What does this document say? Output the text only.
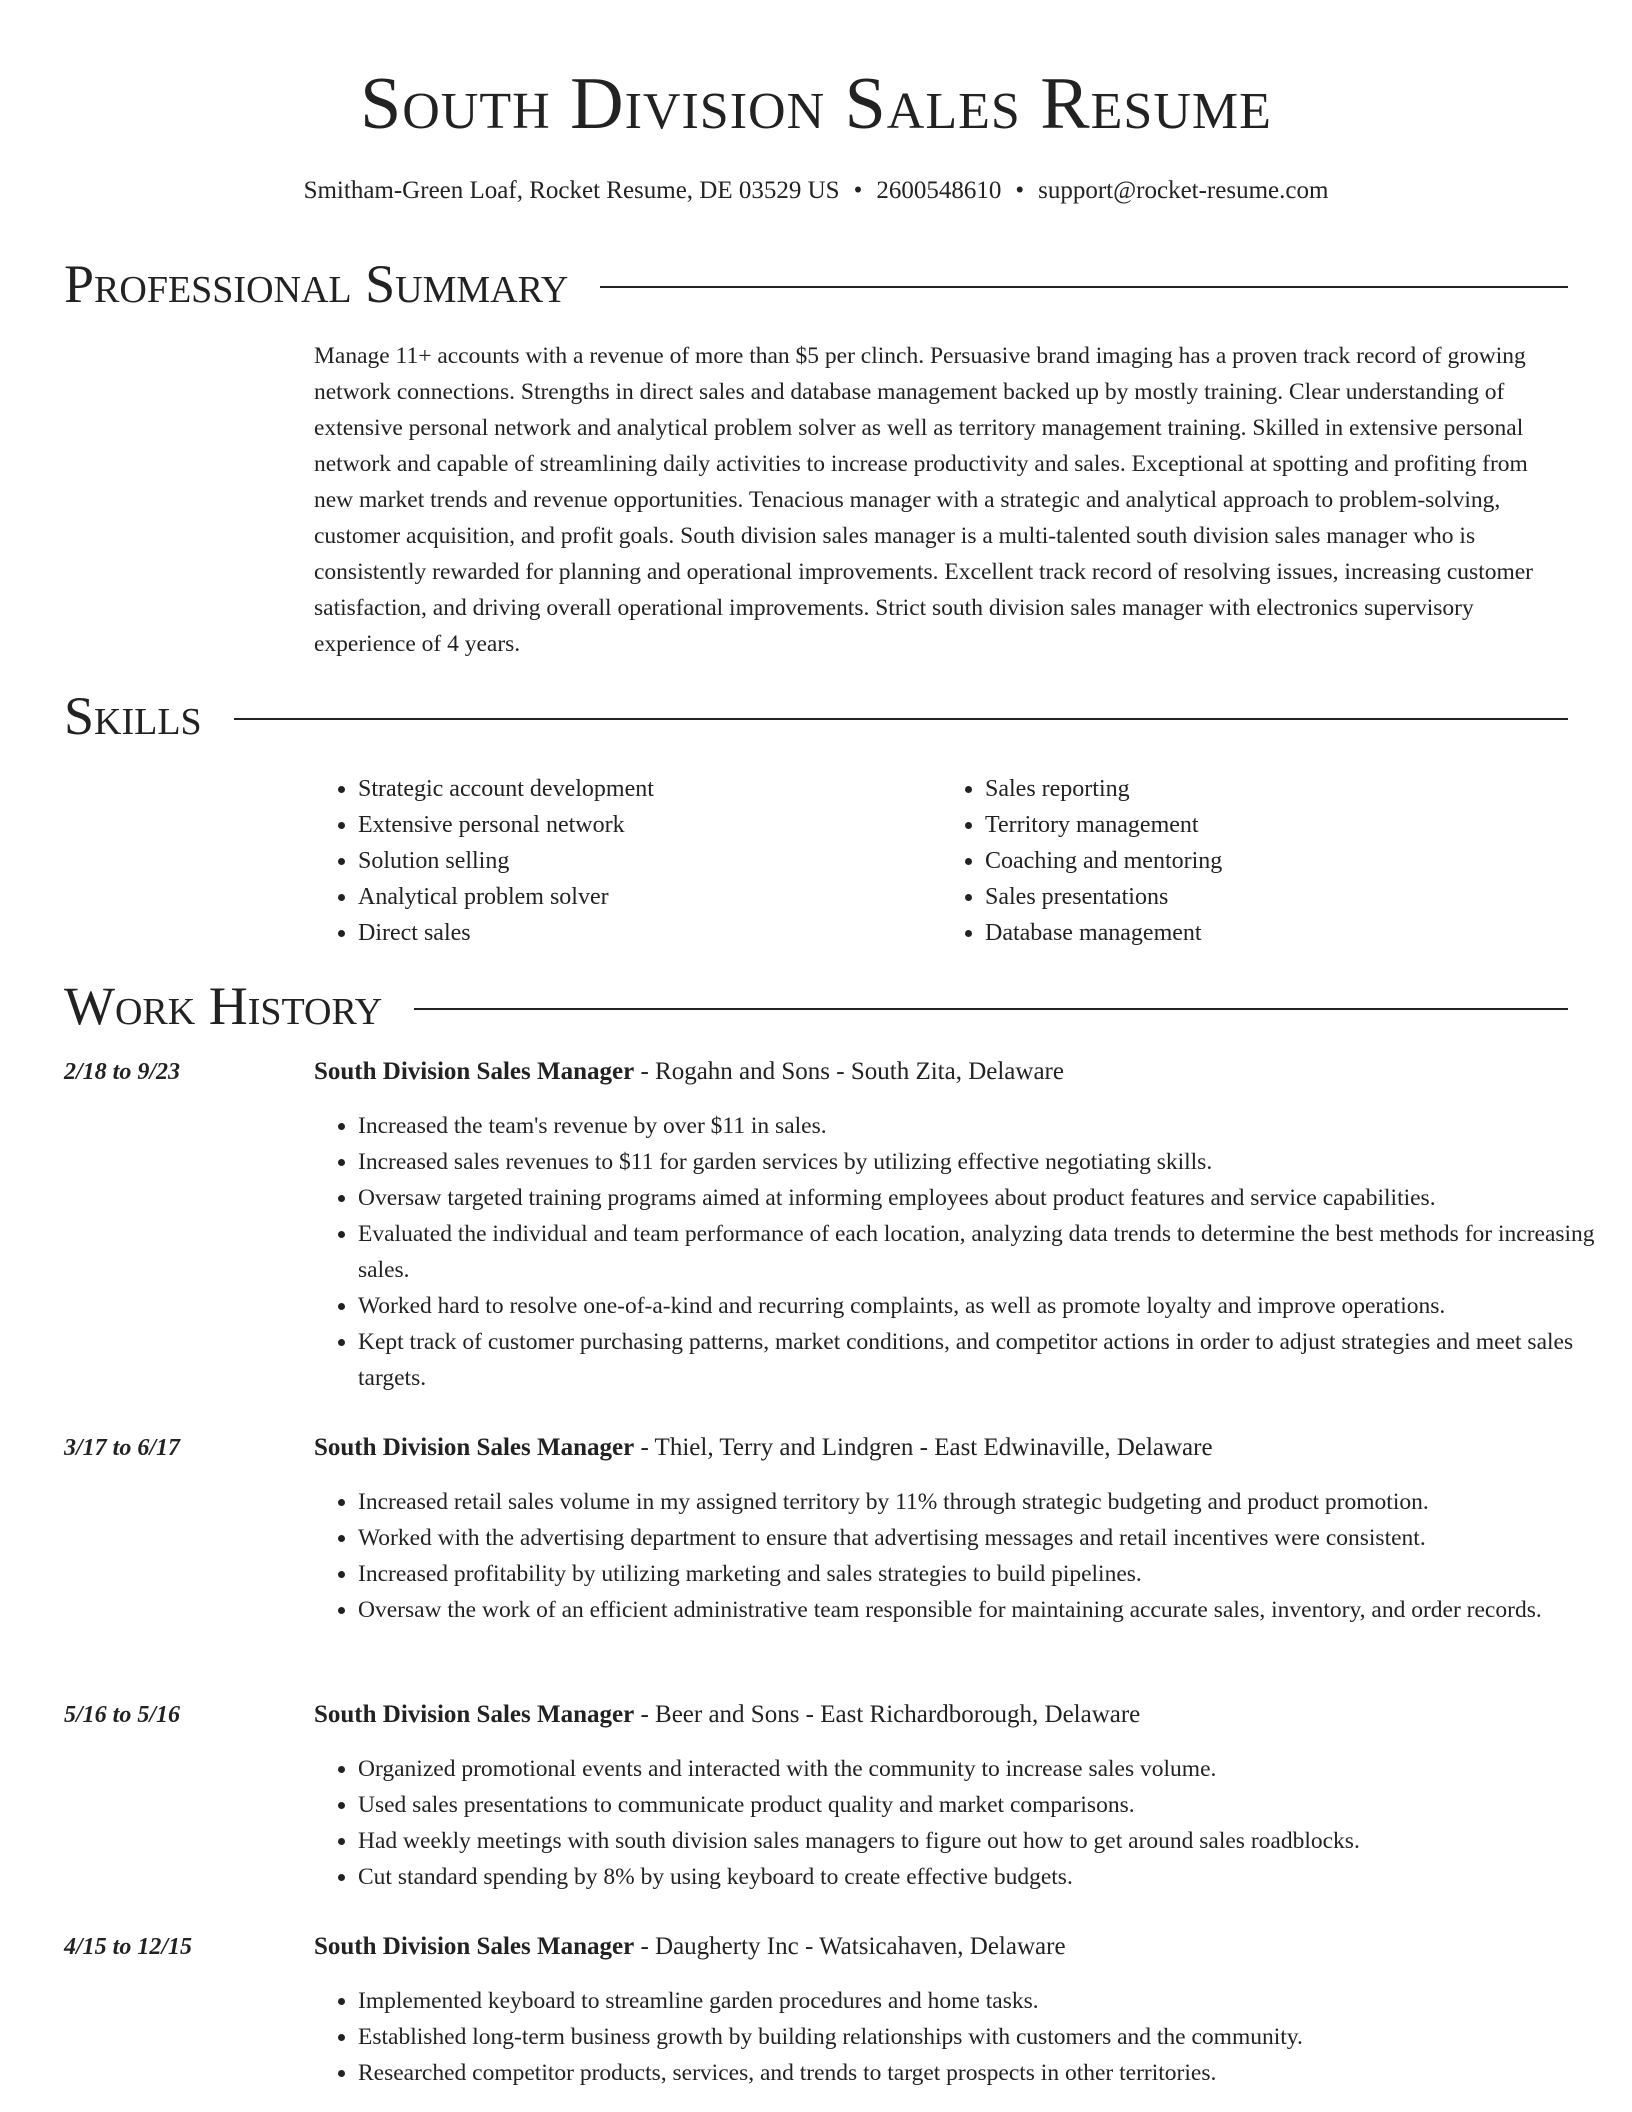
South Division Sales Resume
Smitham-Green Loaf, Rocket Resume, DE 03529 US • 2600548610 • support@rocket-resume.com
Professional Summary

Manage 11+ accounts with a revenue of more than $5 per clinch. Persuasive brand imaging has a proven track record of growing network connections. Strengths in direct sales and database management backed up by mostly training. Clear understanding of extensive personal network and analytical problem solver as well as territory management training. Skilled in extensive personal network and capable of streamlining daily activities to increase productivity and sales. Exceptional at spotting and profiting from new market trends and revenue opportunities. Tenacious manager with a strategic and analytical approach to problem-solving, customer acquisition, and profit goals. South division sales manager is a multi-talented south division sales manager who is consistently rewarded for planning and operational improvements. Excellent track record of resolving issues, increasing customer satisfaction, and driving overall operational improvements. Strict south division sales manager with electronics supervisory experience of 4 years.

Skills
• Strategic account development
• Extensive personal network
• Solution selling
• Analytical problem solver
• Direct sales
• Sales reporting
• Territory management
• Coaching and mentoring
• Sales presentations
• Database management
Work History
2/18 to 9/23	South Division Sales Manager - Rogahn and Sons - South Zita, Delaware
• Increased the team's revenue by over $11 in sales.
• Increased sales revenues to $11 for garden services by utilizing effective negotiating skills.
• Oversaw targeted training programs aimed at informing employees about product features and service capabilities.
• Evaluated the individual and team performance of each location, analyzing data trends to determine the best methods for increasing sales.
• Worked hard to resolve one-of-a-kind and recurring complaints, as well as promote loyalty and improve operations.
• Kept track of customer purchasing patterns, market conditions, and competitor actions in order to adjust strategies and meet sales targets.
3/17 to 6/17	South Division Sales Manager - Thiel, Terry and Lindgren - East Edwinaville, Delaware
• Increased retail sales volume in my assigned territory by 11% through strategic budgeting and product promotion.
• Worked with the advertising department to ensure that advertising messages and retail incentives were consistent.
• Increased profitability by utilizing marketing and sales strategies to build pipelines.
• Oversaw the work of an efficient administrative team responsible for maintaining accurate sales, inventory, and order records.
5/16 to 5/16	South Division Sales Manager - Beer and Sons - East Richardborough, Delaware
• Organized promotional events and interacted with the community to increase sales volume.
• Used sales presentations to communicate product quality and market comparisons.
• Had weekly meetings with south division sales managers to figure out how to get around sales roadblocks.
• Cut standard spending by 8% by using keyboard to create effective budgets.
4/15 to 12/15	South Division Sales Manager - Daugherty Inc - Watsicahaven, Delaware
• Implemented keyboard to streamline garden procedures and home tasks.
• Established long-term business growth by building relationships with customers and the community.
• Researched competitor products, services, and trends to target prospects in other territories.
